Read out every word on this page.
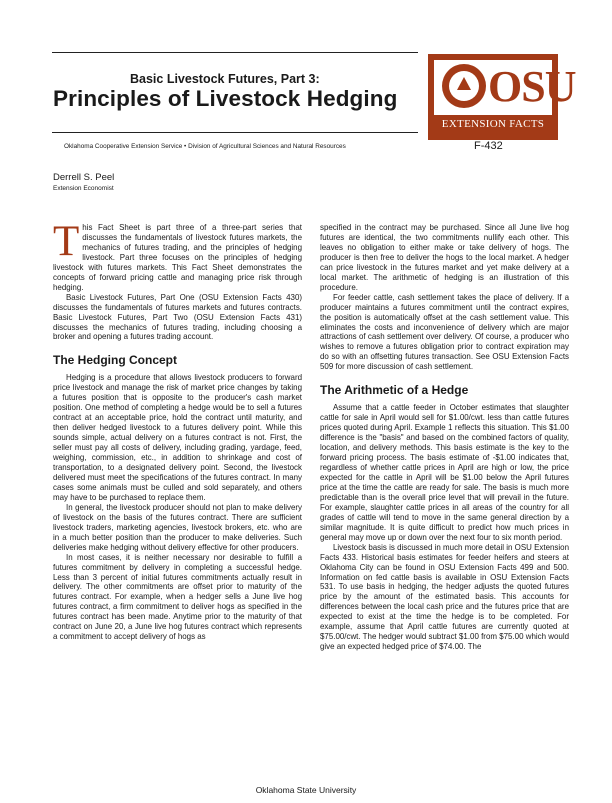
Basic Livestock Futures, Part 3:
Principles of Livestock Hedging OSU
EXTENSION FACTS
Oklahoma Cooperative Extension Service • Division of Agricultural Sciences and Natural Resources	F-432
Derrell S. Peel
Extension Economist

This Fact Sheet is part three of a three-part series that discusses the fundamentals of livestock futures markets, the mechanics of futures trading, and the principles of hedging livestock. Part three focuses on the principles of hedging livestock with futures markets. This Fact Sheet demonstrates the concepts of forward pricing cattle and managing price risk through hedging.

Basic Livestock Futures, Part One (OSU Extension Facts 430) discusses the fundamentals of futures markets and futures contracts. Basic Livestock Futures, Part Two (OSU Extension Facts 431) discusses the mechanics of futures trading, including choosing a broker and opening a futures trading account.

The Hedging Concept

Hedging is a procedure that allows livestock producers to forward price livestock and manage the risk of market price changes by taking a futures position that is opposite to the producer's cash market position. One method of completing a hedge would be to sell a futures contract at an acceptable price, hold the contract until maturity, and then deliver hedged livestock to a futures delivery point. While this sounds simple, actual delivery on a futures contract is not. First, the seller must pay all costs of delivery, including grading, yardage, feed, weighing, commission, etc., in addition to shrinkage and cost of transportation, to a designated delivery point. Second, the livestock delivered must meet the specifications of the futures contract. In many cases some animals must be culled and sold separately, and others may have to be purchased to replace them.

In general, the livestock producer should not plan to make delivery of livestock on the basis of the futures contract. There are sufficient livestock traders, marketing agencies, livestock brokers, etc. who are in a much better position than the producer to make deliveries. Such deliveries make hedging without delivery effective for other producers.

In most cases, it is neither necessary nor desirable to fulfill a futures commitment by delivery in completing a successful hedge. Less than 3 percent of initial futures commitments actually result in delivery. The other commitments are offset prior to maturity of the futures contract. For example, when a hedger sells a June live hog futures contract, a firm commitment to deliver hogs as specified in the futures contract has been made. Anytime prior to the maturity of that contract on June 20, a June live hog futures contract which represents a commitment to accept delivery of hogs as

specified in the contract may be purchased. Since all June live hog futures are identical, the two commitments nullify each other. This leaves no obligation to either make or take delivery of hogs. The producer is then free to deliver the hogs to the local market. A hedger can price livestock in the futures market and yet make delivery at a local market. The arithmetic of hedging is an illustration of this procedure.

For feeder cattle, cash settlement takes the place of delivery. If a producer maintains a futures commitment until the contract expires, the position is automatically offset at the cash settlement value. This eliminates the costs and inconvenience of delivery which are major attractions of cash settlement over delivery. Of course, a producer who wishes to remove a futures obligation prior to contract expiration may do so with an offsetting futures transaction. See OSU Extension Facts 509 for more discussion of cash settlement.

The Arithmetic of a Hedge

Assume that a cattle feeder in October estimates that slaughter cattle for sale in April would sell for $1.00/cwt. less than cattle futures prices quoted during April. Example 1 reflects this situation. This $1.00 difference is the "basis" and based on the combined factors of quality, location, and delivery methods. This basis estimate is the key to the forward pricing process. The basis estimate of -$1.00 indicates that, regardless of whether cattle prices in April are high or low, the price expected for the cattle in April will be $1.00 below the April futures price at the time the cattle are ready for sale. The basis is much more predictable than is the overall price level that will prevail in the future. For example, slaughter cattle prices in all areas of the country for all grades of cattle will tend to move in the same general direction by a similar magnitude. It is quite difficult to predict how much prices in general may move up or down over the next four to six month period.

Livestock basis is discussed in much more detail in OSU Extension Facts 433. Historical basis estimates for feeder heifers and steers at Oklahoma City can be found in OSU Extension Facts 499 and 500. Information on fed cattle basis is available in OSU Extension Facts 531. To use basis in hedging, the hedger adjusts the quoted futures price by the amount of the estimated basis. This accounts for differences between the local cash price and the futures price that are expected to exist at the time the hedge is to be completed. For example, assume that April cattle futures are currently quoted at $75.00/cwt. The hedger would subtract $1.00 from $75.00 which would give an expected hedged price of $74.00. The

Oklahoma State University
